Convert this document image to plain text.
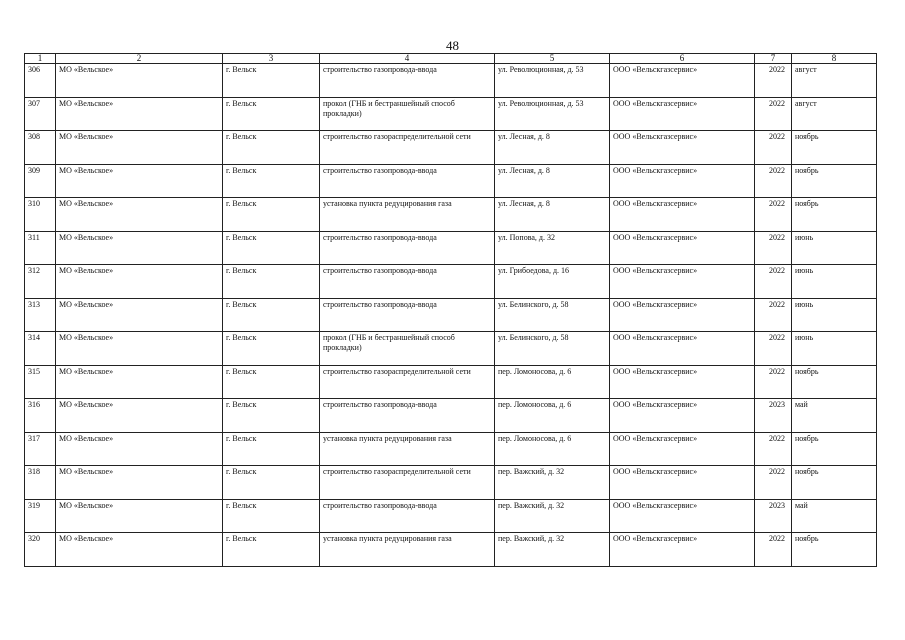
48
1	2	3	4	5	6	7	8
306	МО «Вельское»	г. Вельск	строительство газопровода-ввода	ул. Революционная, д. 53	ООО «Вельскгазсервис»	2022	август
307	МО «Вельское»	г. Вельск	прокол (ГНБ и бестраншейный способ прокладки)	ул. Революционная, д. 53	ООО «Вельскгазсервис»	2022	август
308	МО «Вельское»	г. Вельск	строительство газораспределительной сети	ул. Лесная, д. 8	ООО «Вельскгазсервис»	2022	ноябрь
309	МО «Вельское»	г. Вельск	строительство газопровода-ввода	ул. Лесная, д. 8	ООО «Вельскгазсервис»	2022	ноябрь
310	МО «Вельское»	г. Вельск	установка пункта редуцирования газа	ул. Лесная, д. 8	ООО «Вельскгазсервис»	2022	ноябрь
311	МО «Вельское»	г. Вельск	строительство газопровода-ввода	ул. Попова, д. 32	ООО «Вельскгазсервис»	2022	июнь
312	МО «Вельское»	г. Вельск	строительство газопровода-ввода	ул. Грибоедова, д. 16	ООО «Вельскгазсервис»	2022	июнь
313	МО «Вельское»	г. Вельск	строительство газопровода-ввода	ул. Белинского, д. 58	ООО «Вельскгазсервис»	2022	июнь
314	МО «Вельское»	г. Вельск	прокол (ГНБ и бестраншейный способ прокладки)	ул. Белинского, д. 58	ООО «Вельскгазсервис»	2022	июнь
315	МО «Вельское»	г. Вельск	строительство газораспределительной сети	пер. Ломоносова, д. 6	ООО «Вельскгазсервис»	2022	ноябрь
316	МО «Вельское»	г. Вельск	строительство газопровода-ввода	пер. Ломоносова, д. 6	ООО «Вельскгазсервис»	2023	май
317	МО «Вельское»	г. Вельск	установка пункта редуцирования газа	пер. Ломоносова, д. 6	ООО «Вельскгазсервис»	2022	ноябрь
318	МО «Вельское»	г. Вельск	строительство газораспределительной сети	пер. Важский, д. 32	ООО «Вельскгазсервис»	2022	ноябрь
319	МО «Вельское»	г. Вельск	строительство газопровода-ввода	пер. Важский, д. 32	ООО «Вельскгазсервис»	2023	май
320	МО «Вельское»	г. Вельск	установка пункта редуцирования газа	пер. Важский, д. 32	ООО «Вельскгазсервис»	2022	ноябрь
